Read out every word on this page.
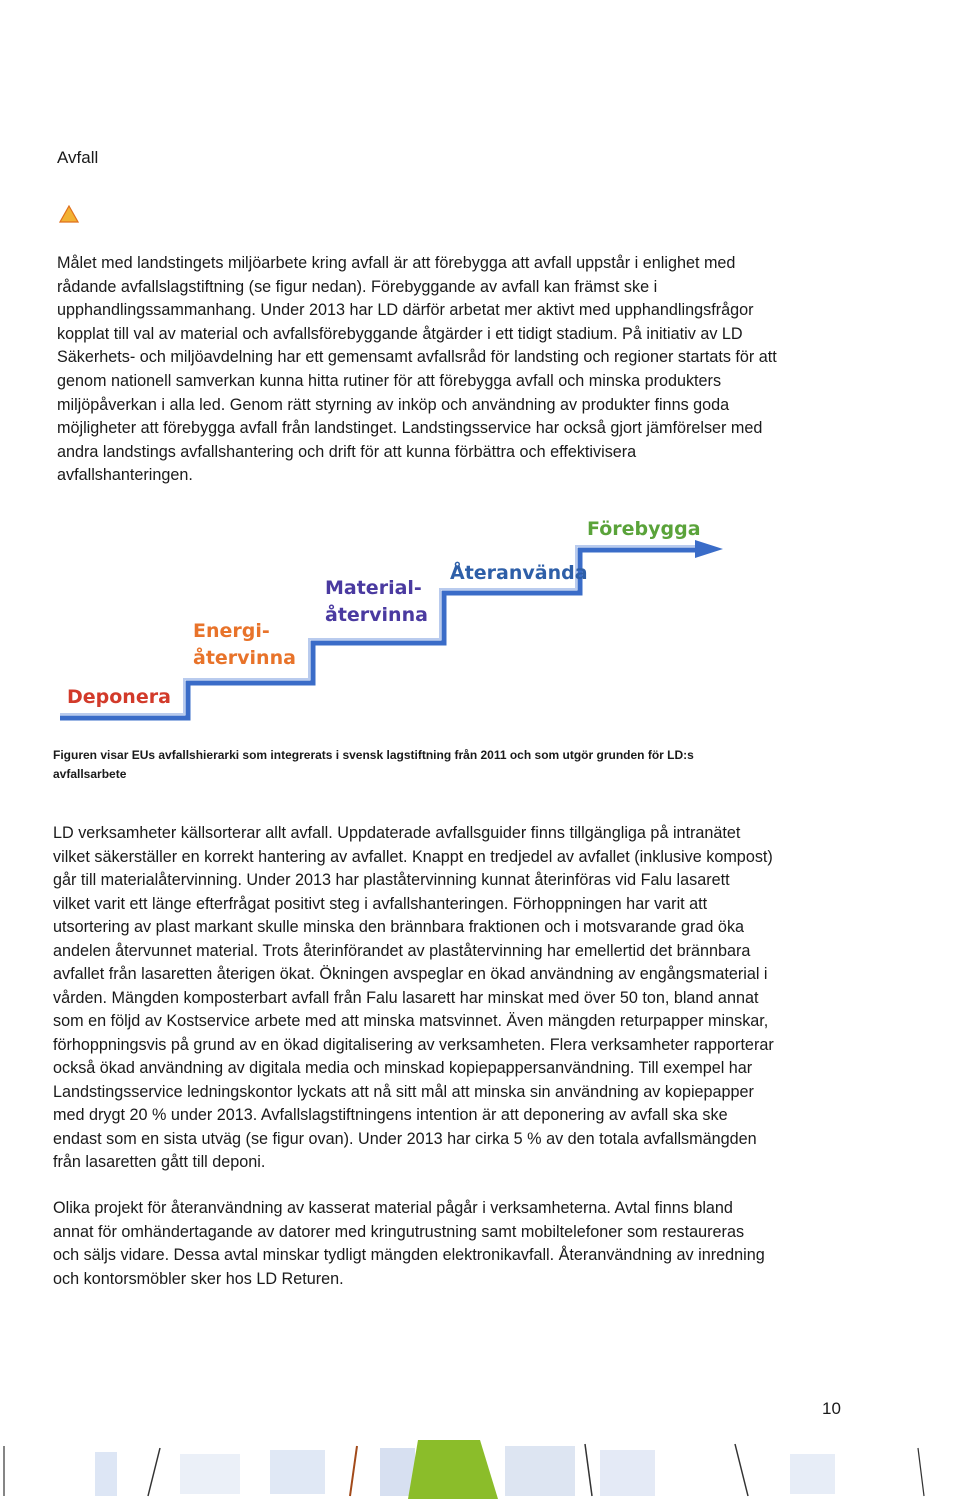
Avfall
Målet med landstingets miljöarbete kring avfall är att förebygga att avfall uppstår i enlighet med
rådande avfallslagstiftning (se figur nedan). Förebyggande av avfall kan främst ske i
upphandlingssammanhang. Under 2013 har LD därför arbetat mer aktivt med upphandlingsfrågor
kopplat till val av material och avfallsförebyggande åtgärder i ett tidigt stadium. På initiativ av LD
Säkerhets- och miljöavdelning har ett gemensamt avfallsråd för landsting och regioner startats för att
genom nationell samverkan kunna hitta rutiner för att förebygga avfall och minska produkters
miljöpåverkan i alla led. Genom rätt styrning av inköp och användning av produkter finns goda
möjligheter att förebygga avfall från landstinget. Landstingsservice har också gjort jämförelser med
andra landstings avfallshantering och drift för att kunna förbättra och effektivisera
avfallshanteringen.
Deponera
Energi-
återvinna
Material-
återvinna
Återanvända
Förebygga
Figuren visar EUs avfallshierarki som integrerats i svensk lagstiftning från 2011 och som utgör grunden för LD:s
avfallsarbete
LD verksamheter källsorterar allt avfall. Uppdaterade avfallsguider finns tillgängliga på intranätet
vilket säkerställer en korrekt hantering av avfallet. Knappt en tredjedel av avfallet (inklusive kompost)
går till materialåtervinning. Under 2013 har plaståtervinning kunnat återinföras vid Falu lasarett
vilket varit ett länge efterfrågat positivt steg i avfallshanteringen. Förhoppningen har varit att
utsortering av plast markant skulle minska den brännbara fraktionen och i motsvarande grad öka
andelen återvunnet material. Trots återinförandet av plaståtervinning har emellertid det brännbara
avfallet från lasaretten återigen ökat. Ökningen avspeglar en ökad användning av engångsmaterial i
vården. Mängden komposterbart avfall från Falu lasarett har minskat med över 50 ton, bland annat
som en följd av Kostservice arbete med att minska matsvinnet. Även mängden returpapper minskar,
förhoppningsvis på grund av en ökad digitalisering av verksamheten. Flera verksamheter rapporterar
också ökad användning av digitala media och minskad kopiepappersanvändning. Till exempel har
Landstingsservice ledningskontor lyckats att nå sitt mål att minska sin användning av kopiepapper
med drygt 20 % under 2013. Avfallslagstiftningens intention är att deponering av avfall ska ske
endast som en sista utväg (se figur ovan). Under 2013 har cirka 5 % av den totala avfallsmängden
från lasaretten gått till deponi.
Olika projekt för återanvändning av kasserat material pågår i verksamheterna. Avtal finns bland
annat för omhändertagande av datorer med kringutrustning samt mobiltelefoner som restaureras
och säljs vidare. Dessa avtal minskar tydligt mängden elektronikavfall. Återanvändning av inredning
och kontorsmöbler sker hos LD Returen.
10
